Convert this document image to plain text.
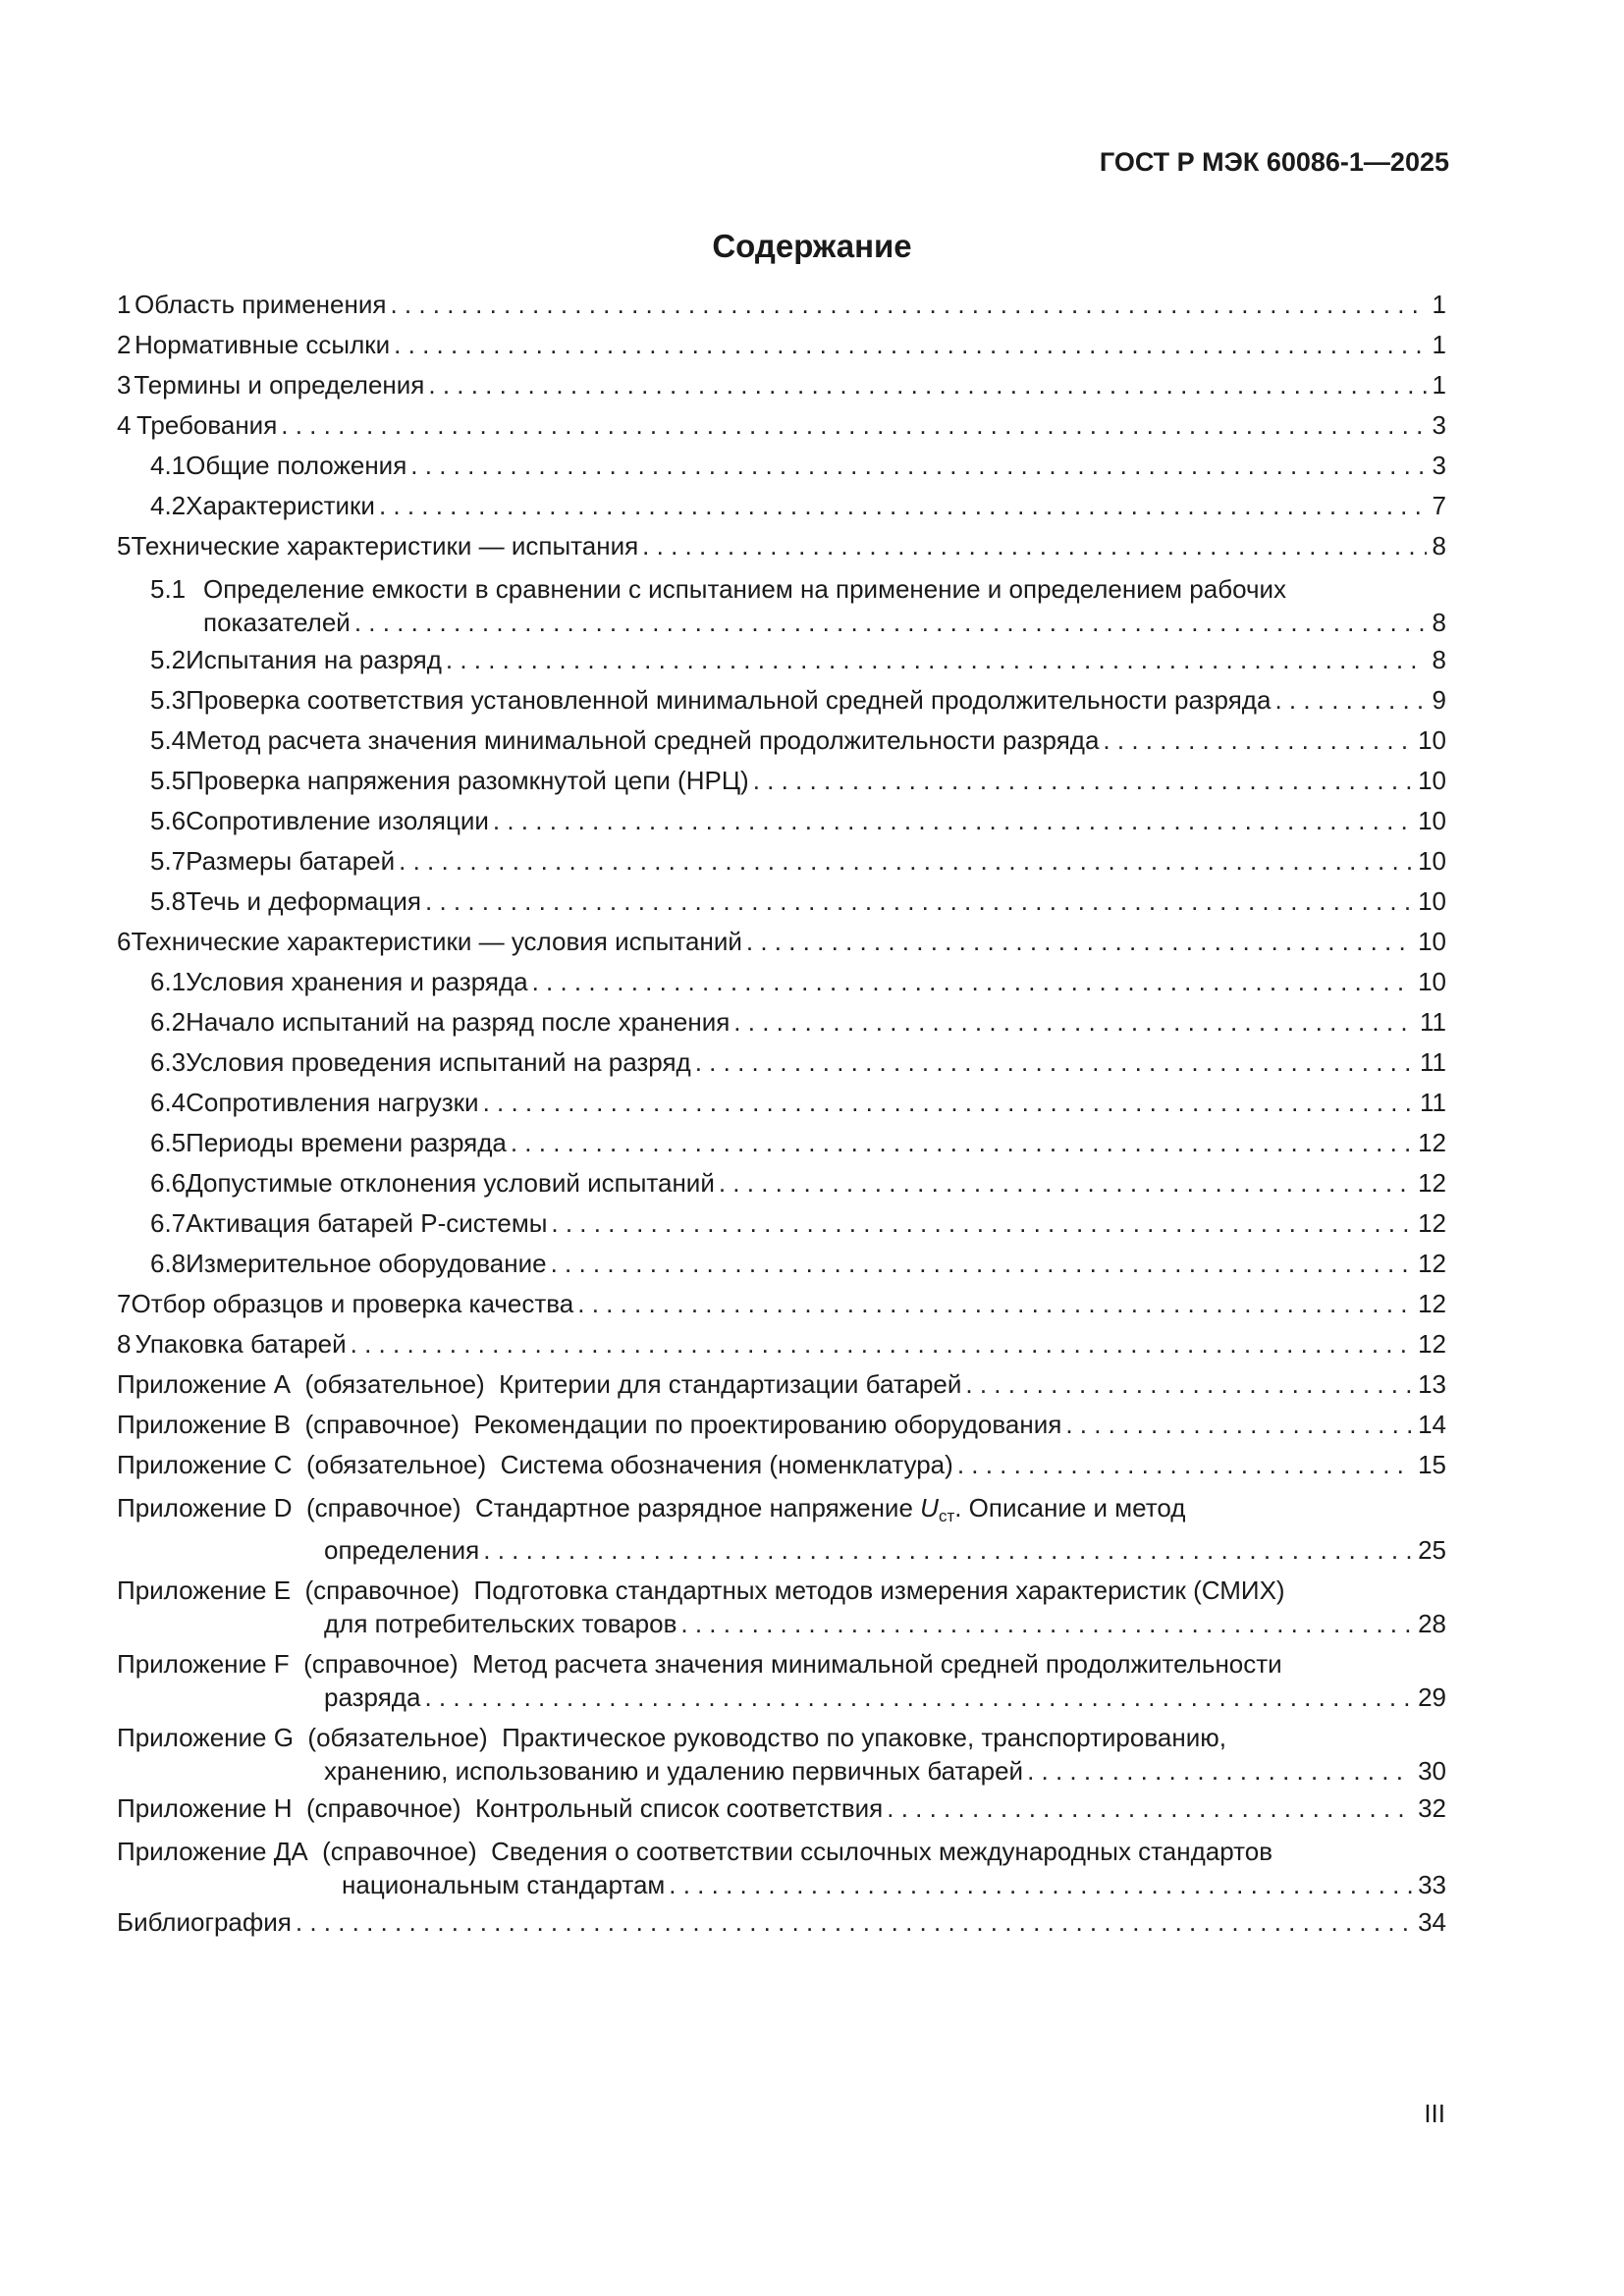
ГОСТ Р МЭК 60086-1—2025
Содержание
1 Область применения . . .	1
2 Нормативные ссылки . . .	1
3 Термины и определения . . .	1
4 Требования . . .	3
4.1 Общие положения . . .	3
4.2 Характеристики . . .	7
5 Технические характеристики — испытания . . .	8
5.1 Определение емкости в сравнении с испытанием на применение и определением рабочих
показателей . . .	8
5.2 Испытания на разряд . . .	8
5.3 Проверка соответствия установленной минимальной средней продолжительности разряда . . .	9
5.4 Метод расчета значения минимальной средней продолжительности разряда . . .	10
5.5 Проверка напряжения разомкнутой цепи (НРЦ) . . .	10
5.6 Сопротивление изоляции . . .	10
5.7 Размеры батарей . . .	10
5.8 Течь и деформация . . .	10
6 Технические характеристики — условия испытаний . . .	10
6.1 Условия хранения и разряда . . .	10
6.2 Начало испытаний на разряд после хранения . . .	11
6.3 Условия проведения испытаний на разряд . . .	11
6.4 Сопротивления нагрузки . . .	11
6.5 Периоды времени разряда . . .	12
6.6 Допустимые отклонения условий испытаний . . .	12
6.7 Активация батарей Р-системы . . .	12
6.8 Измерительное оборудование . . .	12
7 Отбор образцов и проверка качества . . .	12
8 Упаковка батарей . . .	12
Приложение А
(обязательное)
Критерии для стандартизации батарей . . .	13
Приложение В
(справочное)
Рекомендации по проектированию оборудования . . .	14
Приложение С
(обязательное)
Система обозначения (номенклатура) . . .	15
Приложение D
(справочное)
Стандартное разрядное напряжение $U_{ст}$. Описание и метод
определения . . .	25
Приложение Е
(справочное)
Подготовка стандартных методов измерения характеристик (СМИХ)
для потребительских товаров . . .	28
Приложение F
(справочное)
Метод расчета значения минимальной средней продолжительности
разряда . . .	29
Приложение G
(обязательное)
Практическое руководство по упаковке, транспортированию,
хранению, использованию и удалению первичных батарей . . .	30
Приложение Н
(справочное)
Контрольный список соответствия . . .	32
Приложение ДА
(справочное)
Сведения о соответствии ссылочных международных стандартов
национальным стандартам . . .	33
Библиография . . .	34
III
